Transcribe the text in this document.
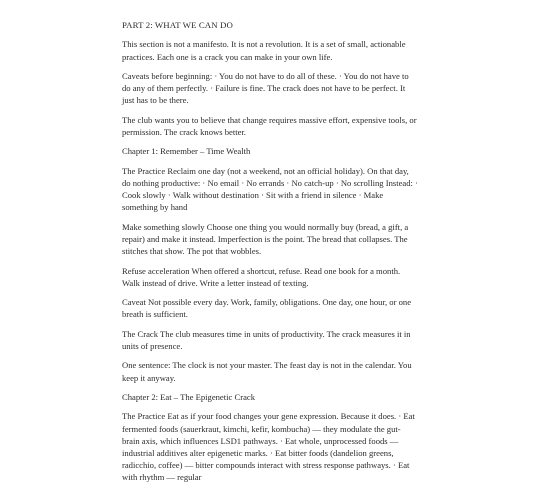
PART 2: WHAT WE CAN DO

This section is not a manifesto. It is not a revolution. It is a set of small, actionable practices. Each one is a crack you can make in your own life.

Caveats before beginning: · You do not have to do all of these. · You do not have to do any of them perfectly. · Failure is fine. The crack does not have to be perfect. It just has to be there.

The club wants you to believe that change requires massive effort, expensive tools, or permission. The crack knows better.

Chapter 1: Remember – Time Wealth

The Practice Reclaim one day (not a weekend, not an official holiday). On that day, do nothing productive: · No email · No errands · No catch-up · No scrolling Instead: · Cook slowly · Walk without destination · Sit with a friend in silence · Make something by hand

Make something slowly Choose one thing you would normally buy (bread, a gift, a repair) and make it instead. Imperfection is the point. The bread that collapses. The stitches that show. The pot that wobbles.

Refuse acceleration When offered a shortcut, refuse. Read one book for a month. Walk instead of drive. Write a letter instead of texting.

Caveat Not possible every day. Work, family, obligations. One day, one hour, or one breath is sufficient.

The Crack The club measures time in units of productivity. The crack measures it in units of presence.

One sentence: The clock is not your master. The feast day is not in the calendar. You keep it anyway.

Chapter 2: Eat – The Epigenetic Crack

The Practice Eat as if your food changes your gene expression. Because it does. · Eat fermented foods (sauerkraut, kimchi, kefir, kombucha) — they modulate the gut-brain axis, which influences LSD1 pathways. · Eat whole, unprocessed foods — industrial additives alter epigenetic marks. · Eat bitter foods (dandelion greens, radicchio, coffee) — bitter compounds interact with stress response pathways. · Eat with rhythm — regular
